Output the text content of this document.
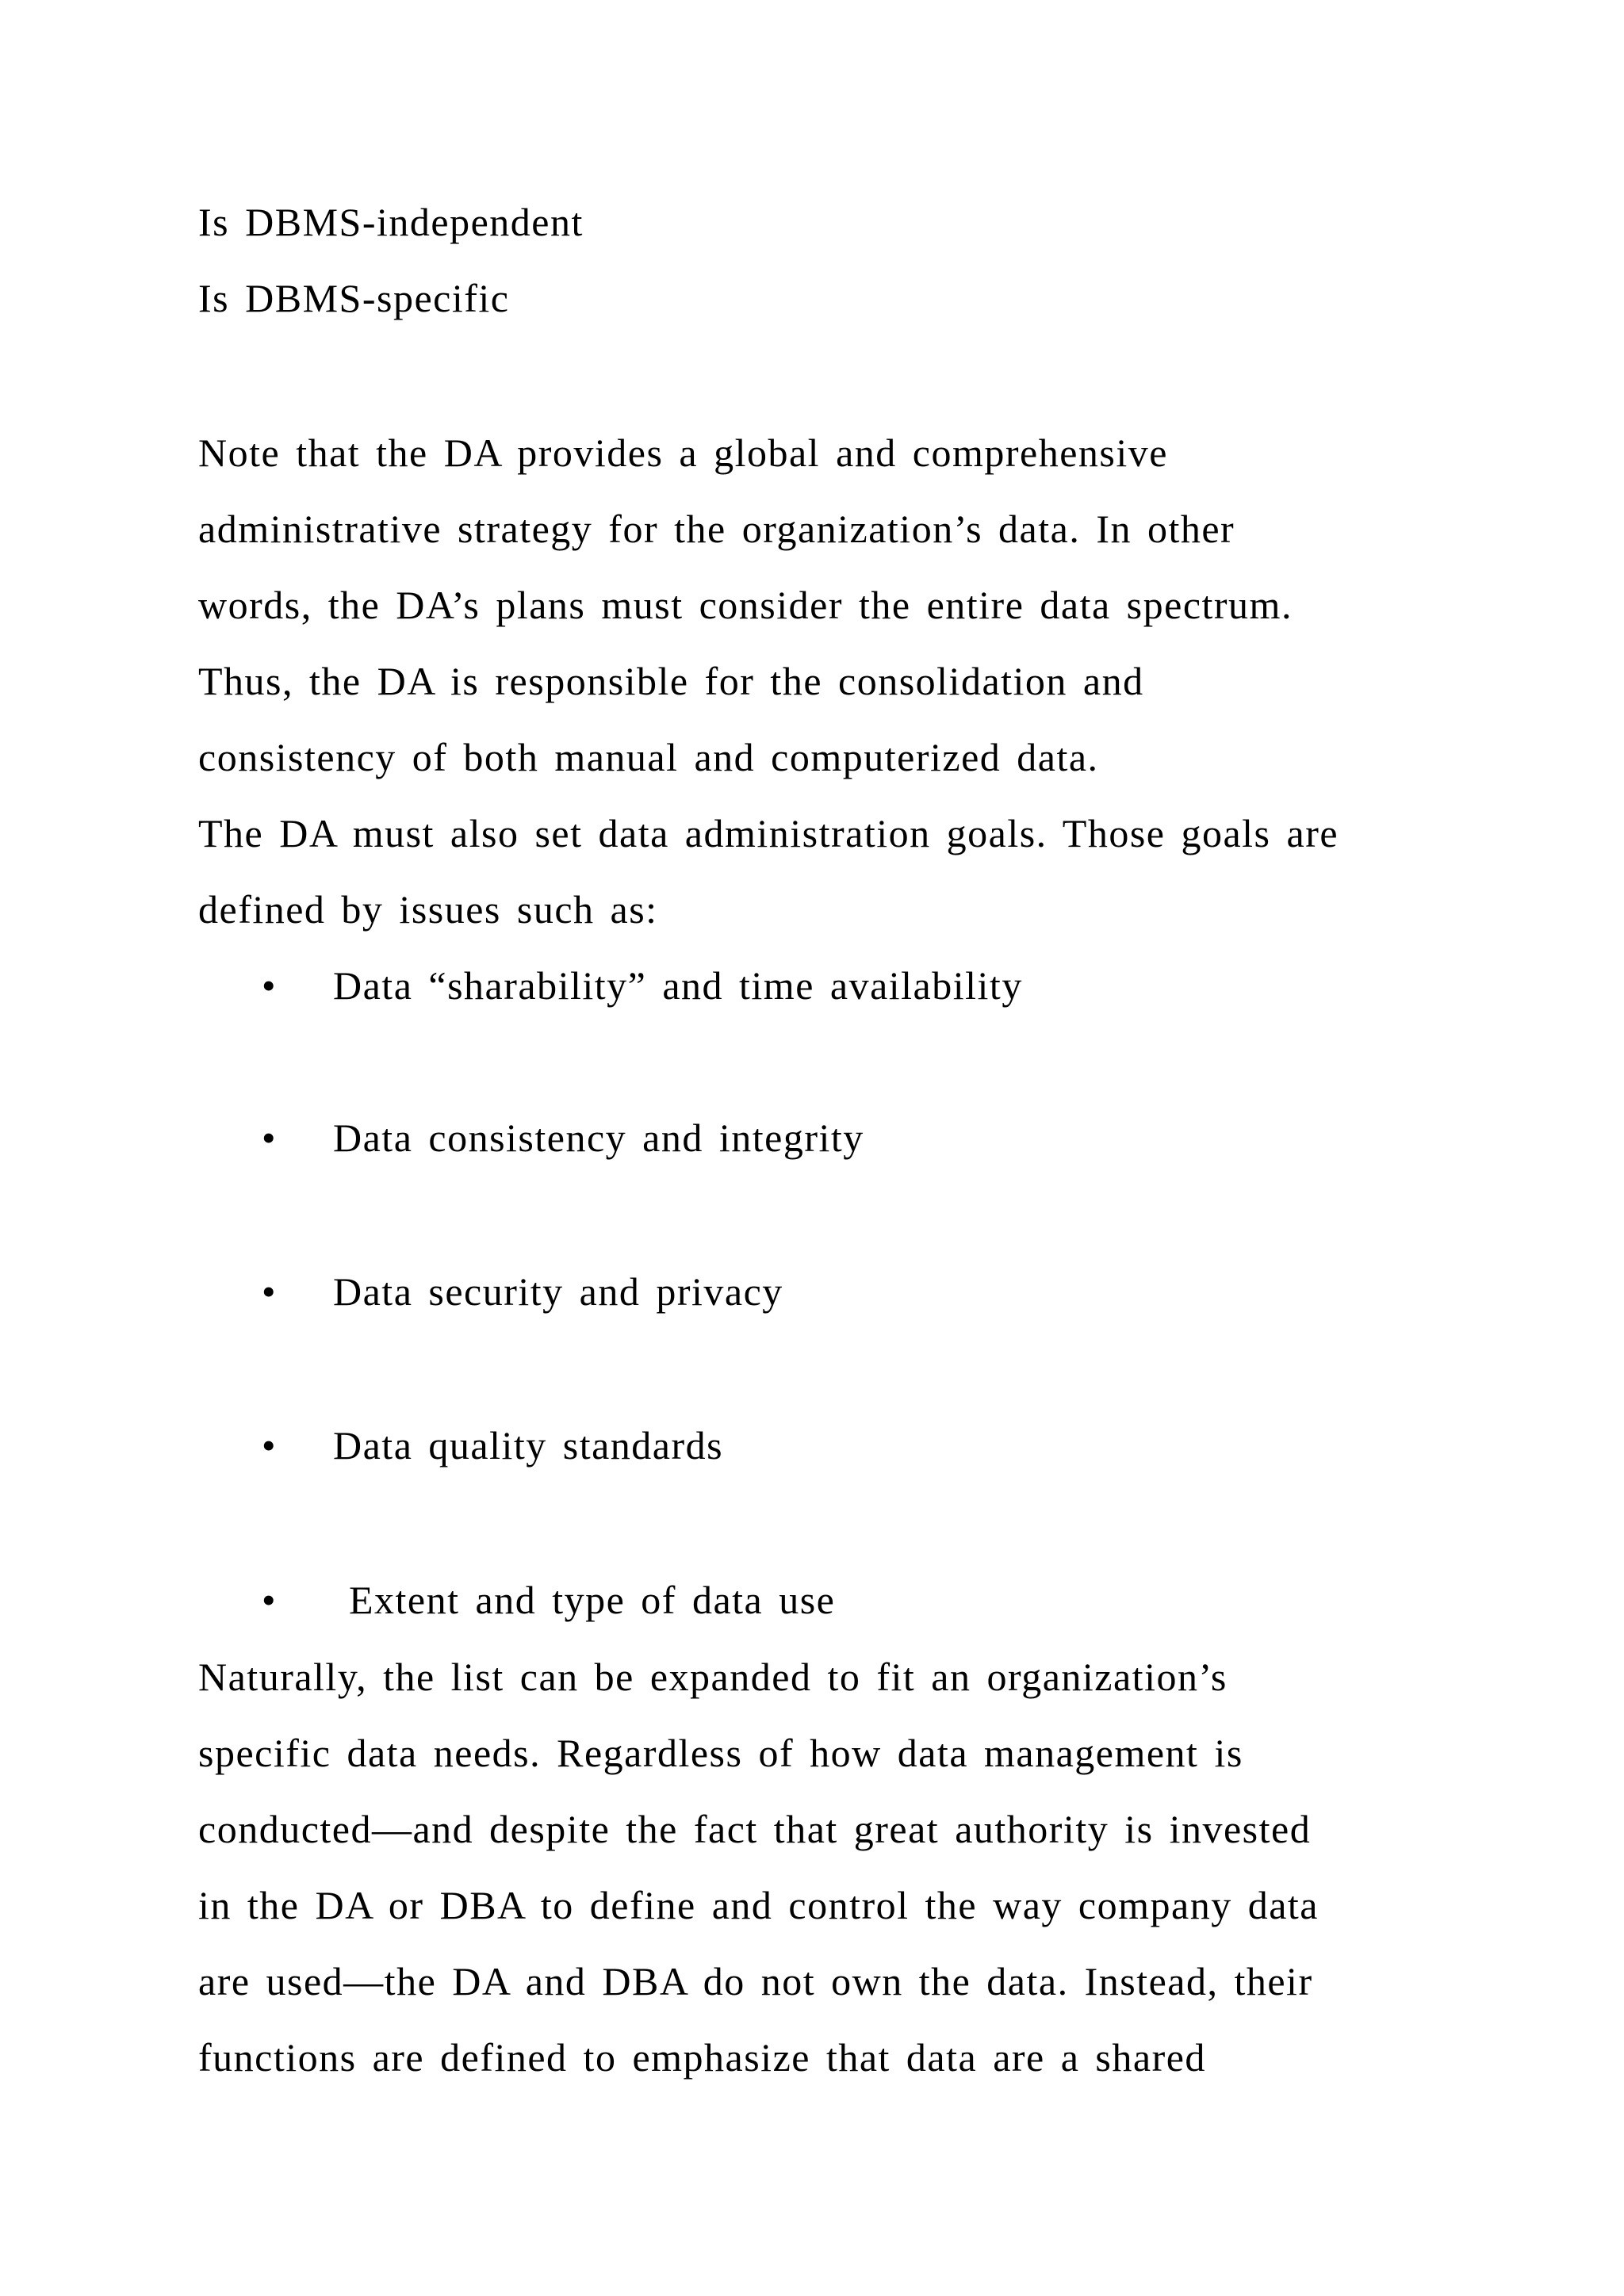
Is DBMS-independent
Is DBMS-specific
Note that the DA provides a global and comprehensive
administrative strategy for the organization’s data. In other
words, the DA’s plans must consider the entire data spectrum.
Thus, the DA is responsible for the consolidation and
consistency of both manual and computerized data.
The DA must also set data administration goals. Those goals are
defined by issues such as:
• Data “sharability” and time availability
• Data consistency and integrity
• Data security and privacy
• Data quality standards
• Extent and type of data use
Naturally, the list can be expanded to fit an organization’s
specific data needs. Regardless of how data management is
conducted—and despite the fact that great authority is invested
in the DA or DBA to define and control the way company data
are used—the DA and DBA do not own the data. Instead, their
functions are defined to emphasize that data are a shared
